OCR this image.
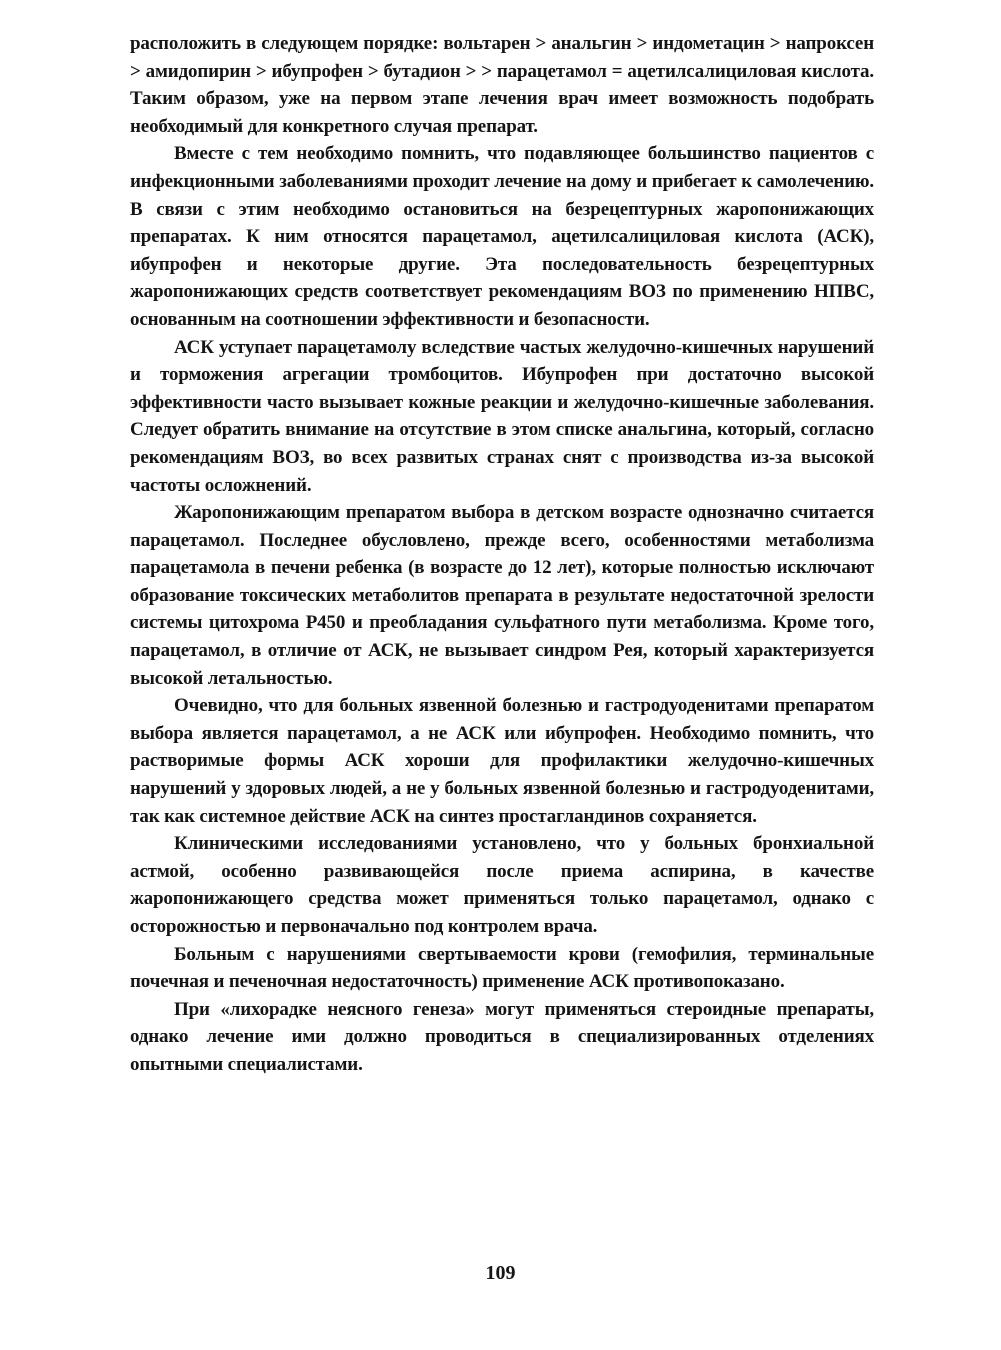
расположить в следующем порядке: вольтарен > анальгин > индометацин > напроксен > амидопирин > ибупрофен > бутадион > > парацетамол = ацетилсалициловая кислота. Таким образом, уже на первом этапе лечения врач имеет возможность подобрать необходимый для конкретного случая препарат.

Вместе с тем необходимо помнить, что подавляющее большинство пациентов с инфекционными заболеваниями проходит лечение на дому и прибегает к самолечению. В связи с этим необходимо остановиться на безрецептурных жаропонижающих препаратах. К ним относятся парацетамол, ацетилсалициловая кислота (АСК), ибупрофен и некоторые другие. Эта последовательность безрецептурных жаропонижающих средств соответствует рекомендациям ВОЗ по применению НПВС, основанным на соотношении эффективности и безопасности.

АСК уступает парацетамолу вследствие частых желудочно-кишечных нарушений и торможения агрегации тромбоцитов. Ибупрофен при достаточно высокой эффективности часто вызывает кожные реакции и желудочно-кишечные заболевания. Следует обратить внимание на отсутствие в этом списке анальгина, который, согласно рекомендациям ВОЗ, во всех развитых странах снят с производства из-за высокой частоты осложнений.

Жаропонижающим препаратом выбора в детском возрасте однозначно считается парацетамол. Последнее обусловлено, прежде всего, особенностями метаболизма парацетамола в печени ребенка (в возрасте до 12 лет), которые полностью исключают образование токсических метаболитов препарата в результате недостаточной зрелости системы цитохрома Р450 и преобладания сульфатного пути метаболизма. Кроме того, парацетамол, в отличие от АСК, не вызывает синдром Рея, который характеризуется высокой летальностью.

Очевидно, что для больных язвенной болезнью и гастродуоденитами препаратом выбора является парацетамол, а не АСК или ибупрофен. Необходимо помнить, что растворимые формы АСК хороши для профилактики желудочно-кишечных нарушений у здоровых людей, а не у больных язвенной болезнью и гастродуоденитами, так как системное действие АСК на синтез простагландинов сохраняется.

Клиническими исследованиями установлено, что у больных бронхиальной астмой, особенно развивающейся после приема аспирина, в качестве жаропонижающего средства может применяться только парацетамол, однако с осторожностью и первоначально под контролем врача.

Больным с нарушениями свертываемости крови (гемофилия, терминальные почечная и печеночная недостаточность) применение АСК противопоказано.

При «лихорадке неясного генеза» могут применяться стероидные препараты, однако лечение ими должно проводиться в специализированных отделениях опытными специалистами.

109
